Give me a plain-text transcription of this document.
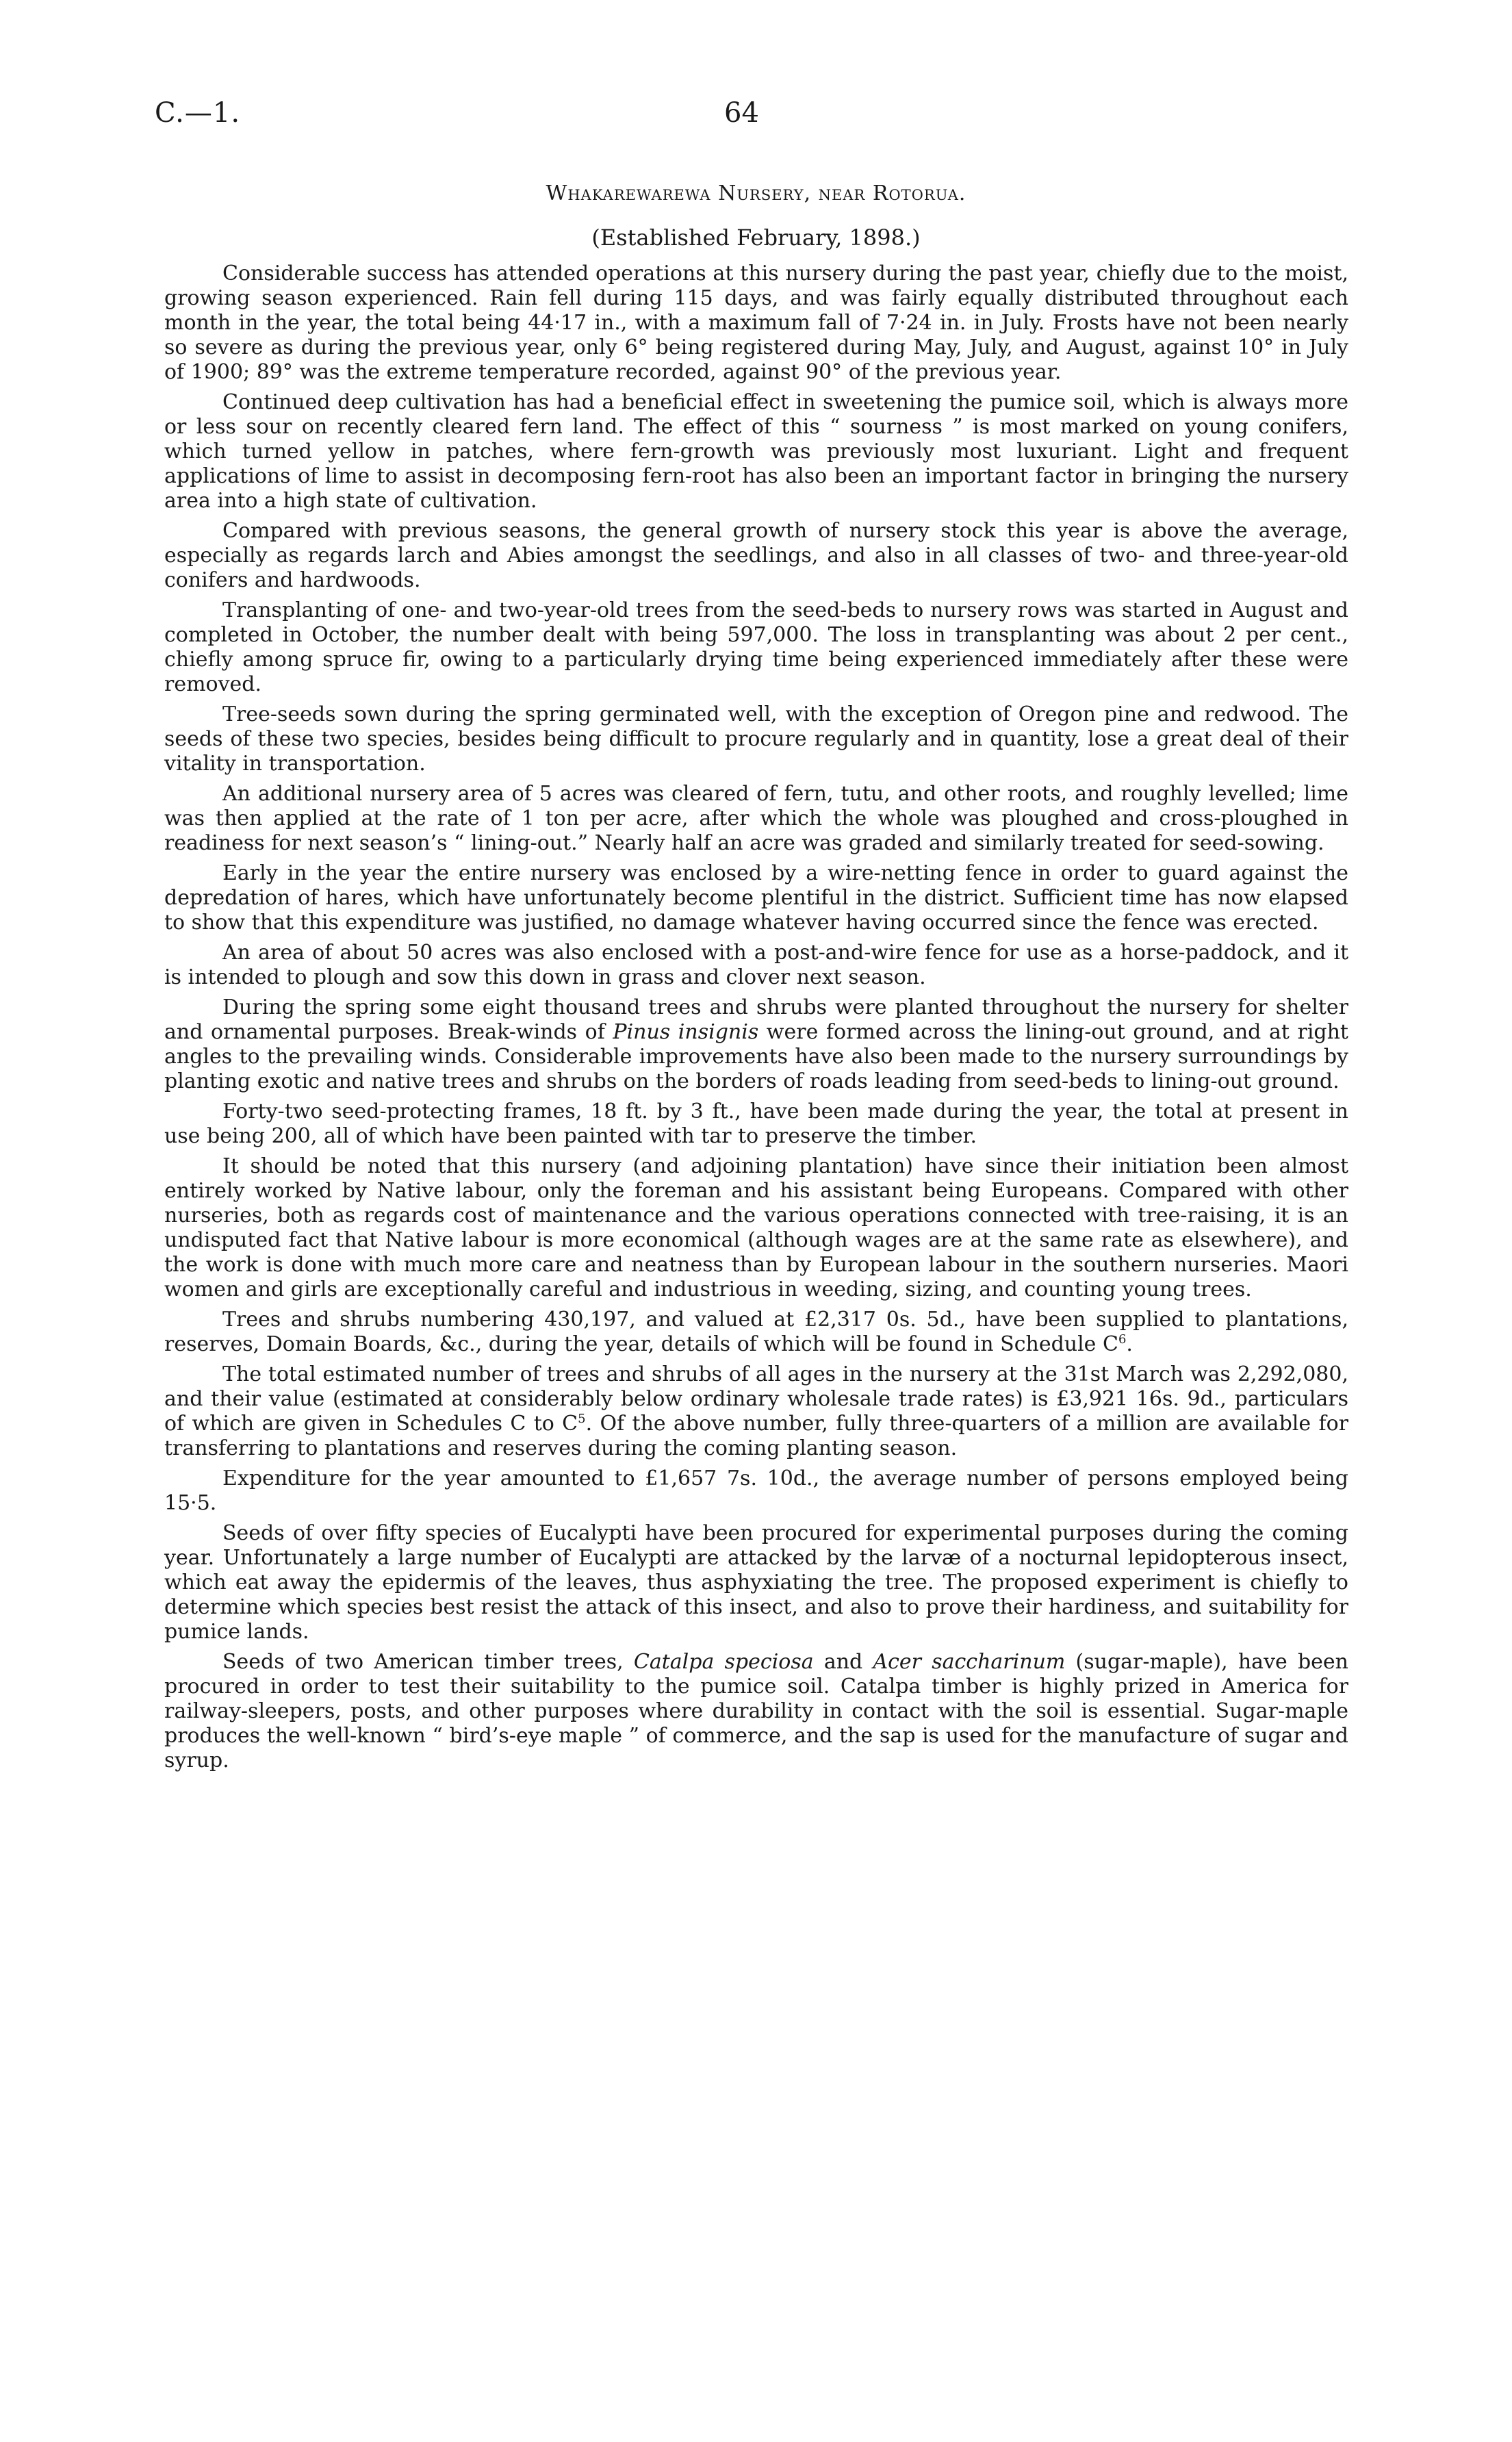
C.—1.	64
Whakarewarewa Nursery, near Rotorua.
(Established February, 1898.)

Considerable success has attended operations at this nursery during the past year, chiefly due to the moist, growing season experienced. Rain fell during 115 days, and was fairly equally distributed throughout each month in the year, the total being 44·17 in., with a maximum fall of 7·24 in. in July. Frosts have not been nearly so severe as during the previous year, only 6° being registered during May, July, and August, against 10° in July of 1900; 89° was the extreme temperature recorded, against 90° of the previous year.

Continued deep cultivation has had a beneficial effect in sweetening the pumice soil, which is always more or less sour on recently cleared fern land. The effect of this “ sourness ” is most marked on young conifers, which turned yellow in patches, where fern-growth was previously most luxuriant. Light and frequent applications of lime to assist in decomposing fern-root has also been an important factor in bringing the nursery area into a high state of cultivation.

Compared with previous seasons, the general growth of nursery stock this year is above the average, especially as regards larch and Abies amongst the seedlings, and also in all classes of two- and three-year-old conifers and hardwoods.

Transplanting of one- and two-year-old trees from the seed-beds to nursery rows was started in August and completed in October, the number dealt with being 597,000. The loss in transplanting was about 2 per cent., chiefly among spruce fir, owing to a particularly drying time being experienced immediately after these were removed.

Tree-seeds sown during the spring germinated well, with the exception of Oregon pine and redwood. The seeds of these two species, besides being difficult to procure regularly and in quantity, lose a great deal of their vitality in transportation.

An additional nursery area of 5 acres was cleared of fern, tutu, and other roots, and roughly levelled; lime was then applied at the rate of 1 ton per acre, after which the whole was ploughed and cross-ploughed in readiness for next season’s “ lining-out.” Nearly half an acre was graded and similarly treated for seed-sowing.

Early in the year the entire nursery was enclosed by a wire-netting fence in order to guard against the depredation of hares, which have unfortunately become plentiful in the district. Sufficient time has now elapsed to show that this expenditure was justified, no damage whatever having occurred since the fence was erected.

An area of about 50 acres was also enclosed with a post-and-wire fence for use as a horse-paddock, and it is intended to plough and sow this down in grass and clover next season.

During the spring some eight thousand trees and shrubs were planted throughout the nursery for shelter and ornamental purposes. Break-winds of Pinus insignis were formed across the lining-out ground, and at right angles to the prevailing winds. Considerable improvements have also been made to the nursery surroundings by planting exotic and native trees and shrubs on the borders of roads leading from seed-beds to lining-out ground.

Forty-two seed-protecting frames, 18 ft. by 3 ft., have been made during the year, the total at present in use being 200, all of which have been painted with tar to preserve the timber.

It should be noted that this nursery (and adjoining plantation) have since their initiation been almost entirely worked by Native labour, only the foreman and his assistant being Europeans. Compared with other nurseries, both as regards cost of maintenance and the various operations connected with tree-raising, it is an undisputed fact that Native labour is more economical (although wages are at the same rate as elsewhere), and the work is done with much more care and neatness than by European labour in the southern nurseries. Maori women and girls are exceptionally careful and industrious in weeding, sizing, and counting young trees.

Trees and shrubs numbering 430,197, and valued at £2,317 0s. 5d., have been supplied to plantations, reserves, Domain Boards, &c., during the year, details of which will be found in Schedule $C^6$.

The total estimated number of trees and shrubs of all ages in the nursery at the 31st March was 2,292,080, and their value (estimated at considerably below ordinary wholesale trade rates) is £3,921 16s. 9d., particulars of which are given in Schedules C to $C^5$. Of the above number, fully three-quarters of a million are available for transferring to plantations and reserves during the coming planting season.

Expenditure for the year amounted to £1,657 7s. 10d., the average number of persons employed being 15·5.

Seeds of over fifty species of Eucalypti have been procured for experimental purposes during the coming year. Unfortunately a large number of Eucalypti are attacked by the larvæ of a nocturnal lepidopterous insect, which eat away the epidermis of the leaves, thus asphyxiating the tree. The proposed experiment is chiefly to determine which species best resist the attack of this insect, and also to prove their hardiness, and suitability for pumice lands.

Seeds of two American timber trees, Catalpa speciosa and Acer saccharinum (sugar-maple), have been procured in order to test their suitability to the pumice soil. Catalpa timber is highly prized in America for railway-sleepers, posts, and other purposes where durability in contact with the soil is essential. Sugar-maple produces the well-known “ bird’s-eye maple ” of commerce, and the sap is used for the manufacture of sugar and syrup.
